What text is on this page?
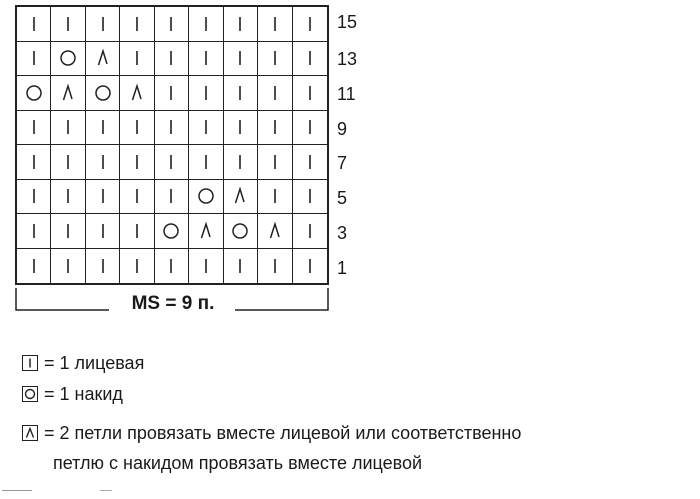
15
13
11
9
7
5
3
1
MS = 9 п.
= 1 лицевая
= 1 накид
= 2 петли провязать вместе лицевой или соответственно
петлю с накидом провязать вместе лицевой
